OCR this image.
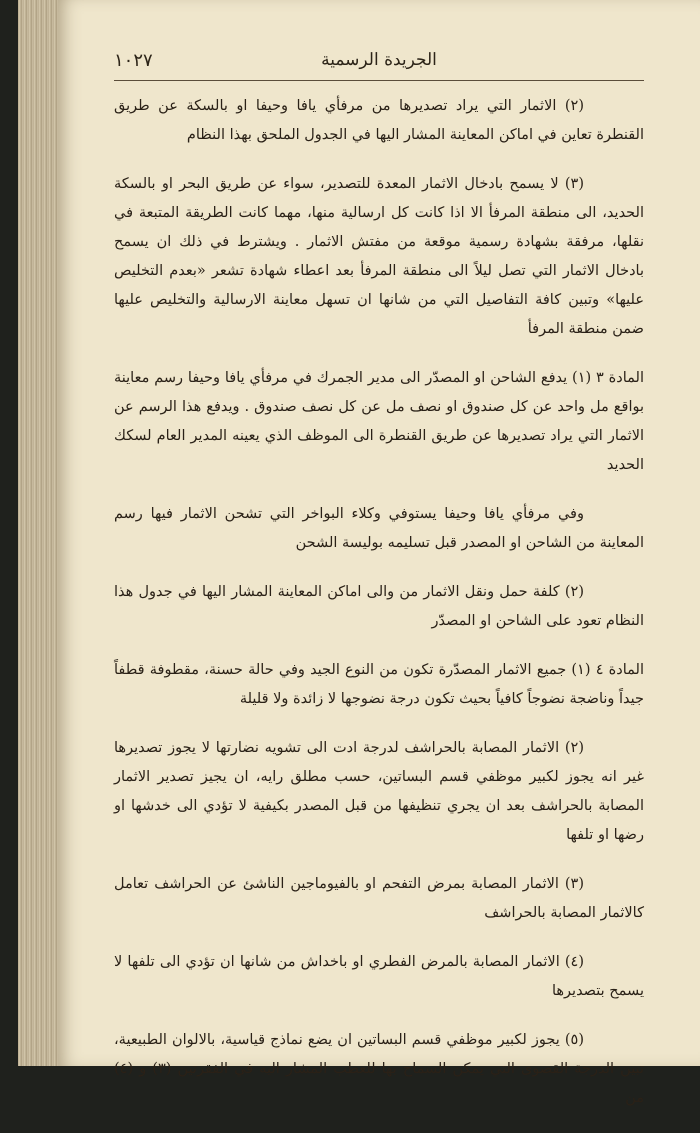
الجريدة الرسمية
١٠٢٧

(٢) الاثمار التي يراد تصديرها من مرفأي يافا وحيفا او بالسكة عن طريق القنطرة تعاين في اماكن المعاينة المشار اليها في الجدول الملحق بهذا النظام

(٣) لا يسمح بادخال الاثمار المعدة للتصدير، سواء عن طريق البحر او بالسكة الحديد، الى منطقة المرفأ الا اذا كانت كل ارسالية منها، مهما كانت الطريقة المتبعة في نقلها، مرفقة بشهادة رسمية موقعة من مفتش الاثمار . ويشترط في ذلك ان يسمح بادخال الاثمار التي تصل ليلاً الى منطقة المرفأ بعد اعطاء شهادة تشعر «بعدم التخليص عليها» وتبين كافة التفاصيل التي من شانها ان تسهل معاينة الارسالية والتخليص عليها ضمن منطقة المرفأ

المادة ٣ (١) يدفع الشاحن او المصدّر الى مدير الجمرك في مرفأي يافا وحيفا رسم معاينة بواقع مل واحد عن كل صندوق او نصف مل عن كل نصف صندوق . ويدفع هذا الرسم عن الاثمار التي يراد تصديرها عن طريق القنطرة الى الموظف الذي يعينه المدير العام لسكك الحديد

وفي مرفأي يافا وحيفا يستوفي وكلاء البواخر التي تشحن الاثمار فيها رسم المعاينة من الشاحن او المصدر قبل تسليمه بوليسة الشحن

(٢) كلفة حمل ونقل الاثمار من والى اماكن المعاينة المشار اليها في جدول هذا النظام تعود على الشاحن او المصدّر

المادة ٤ (١) جميع الاثمار المصدّرة تكون من النوع الجيد وفي حالة حسنة، مقطوفة قطفاً جيداً وناضجة نضوجاً كافياً بحيث تكون درجة نضوجها لا زائدة ولا قليلة

(٢) الاثمار المصابة بالحراشف لدرجة ادت الى تشويه نضارتها لا يجوز تصديرها غير انه يجوز لكبير موظفي قسم البساتين، حسب مطلق رايه، ان يجيز تصدير الاثمار المصابة بالحراشف بعد ان يجري تنظيفها من قبل المصدر بكيفية لا تؤدي الى خدشها او رضها او تلفها

(٣) الاثمار المصابة بمرض التفحم او بالفيوماجين الناشئ عن الحراشف تعامل كالاثمار المصابة بالحراشف

(٤) الاثمار المصابة بالمرض الفطري او باخداش من شانها ان تؤدي الى تلفها لا يسمح بتصديرها

(٥) يجوز لكبير موظفي قسم البساتين ان يضع نماذج قياسية، بالالوان الطبيعية، تبين الدرجة القصوى التي يمكن السماح بها للعطب المشار اليه في الفقرتين (٣) و (٤) من
